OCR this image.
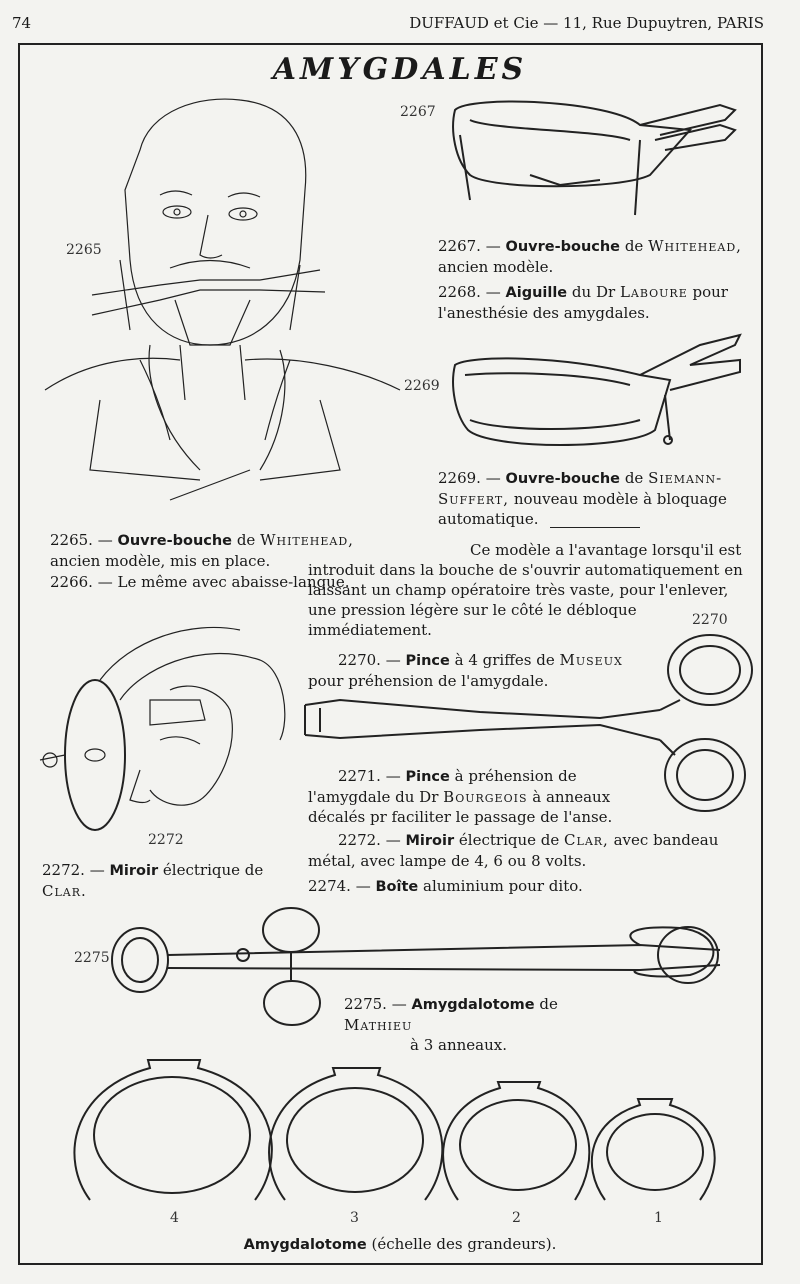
74	DUFFAUD et Cie — 11, Rue Dupuytren, PARIS
AMYGDALES
2267
2265
2269
2270
2272
2275
4	3	2	1
2267. — Ouvre-bouche de Whitehead, ancien modèle.
2268. — Aiguille du Dr Laboure pour l'anesthésie des amygdales.
2269. — Ouvre-bouche de Siemann-Suffert, nouveau modèle à bloquage automatique.
Ce modèle a l'avantage lorsqu'il est introduit dans la bouche de s'ouvrir automatiquement en laissant un champ opératoire très vaste, pour l'enlever, une pression légère sur le côté le débloque immédiatement.
2265. — Ouvre-bouche de Whitehead, ancien modèle, mis en place.
2266. — Le même avec abaisse-langue.
2270. — Pince à 4 griffes de Museux pour préhension de l'amygdale.
2271. — Pince à préhension de l'amygdale du Dr Bourgeois à anneaux décalés pr faciliter le passage de l'anse.
2272. — Miroir électrique de Clar, avec bandeau métal, avec lampe de 4, 6 ou 8 volts.
2274. — Boîte aluminium pour dito.
2272. — Miroir électrique de Clar.
2275. — Amygdalotome de Mathieu
à 3 anneaux.
Amygdalotome (échelle des grandeurs).
